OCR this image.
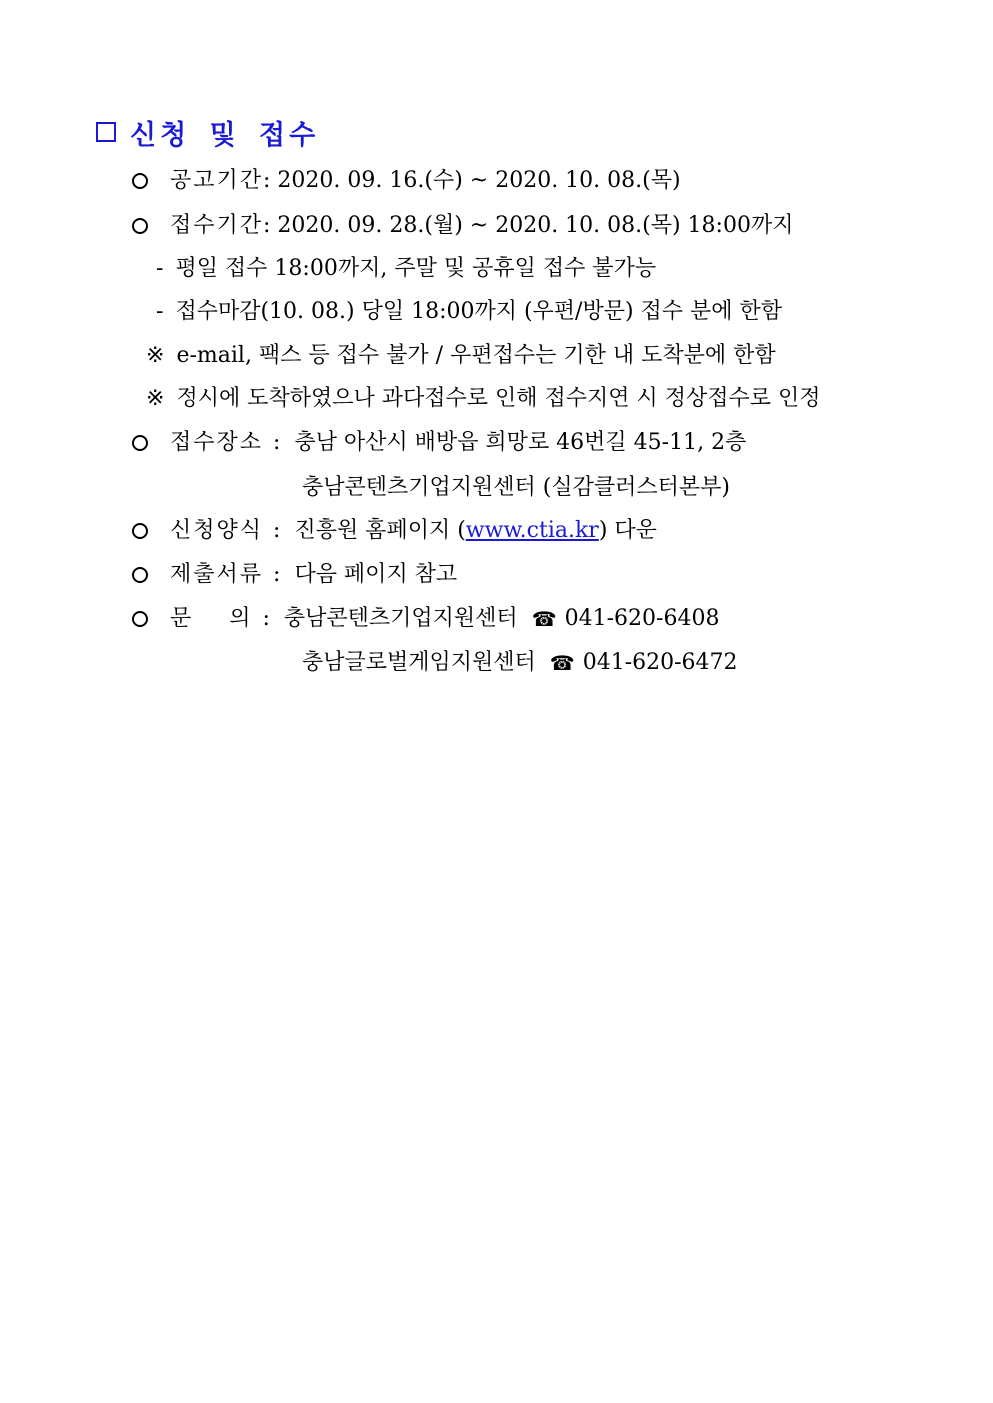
신청 및 접수
공고기간 : 2020. 09. 16.(수) ~ 2020. 10. 08.(목)
접수기간 : 2020. 09. 28.(월) ~ 2020. 10. 08.(목) 18:00까지
- 평일 접수 18:00까지, 주말 및 공휴일 접수 불가능
- 접수마감(10. 08.) 당일 18:00까지 (우편/방문) 접수 분에 한함
※ e-mail, 팩스 등 접수 불가 / 우편접수는 기한 내 도착분에 한함
※ 정시에 도착하였으나 과다접수로 인해 접수지연 시 정상접수로 인정
접수장소 : 충남 아산시 배방읍 희망로 46번길 45-11, 2층
충남콘텐츠기업지원센터 (실감클러스터본부)
신청양식 : 진흥원 홈페이지 ( www.ctia.kr ) 다운
제출서류 : 다음 페이지 참고
문    의 : 충남콘텐츠기업지원센터 ☎ 041-620-6408
충남글로벌게임지원센터 ☎ 041-620-6472
